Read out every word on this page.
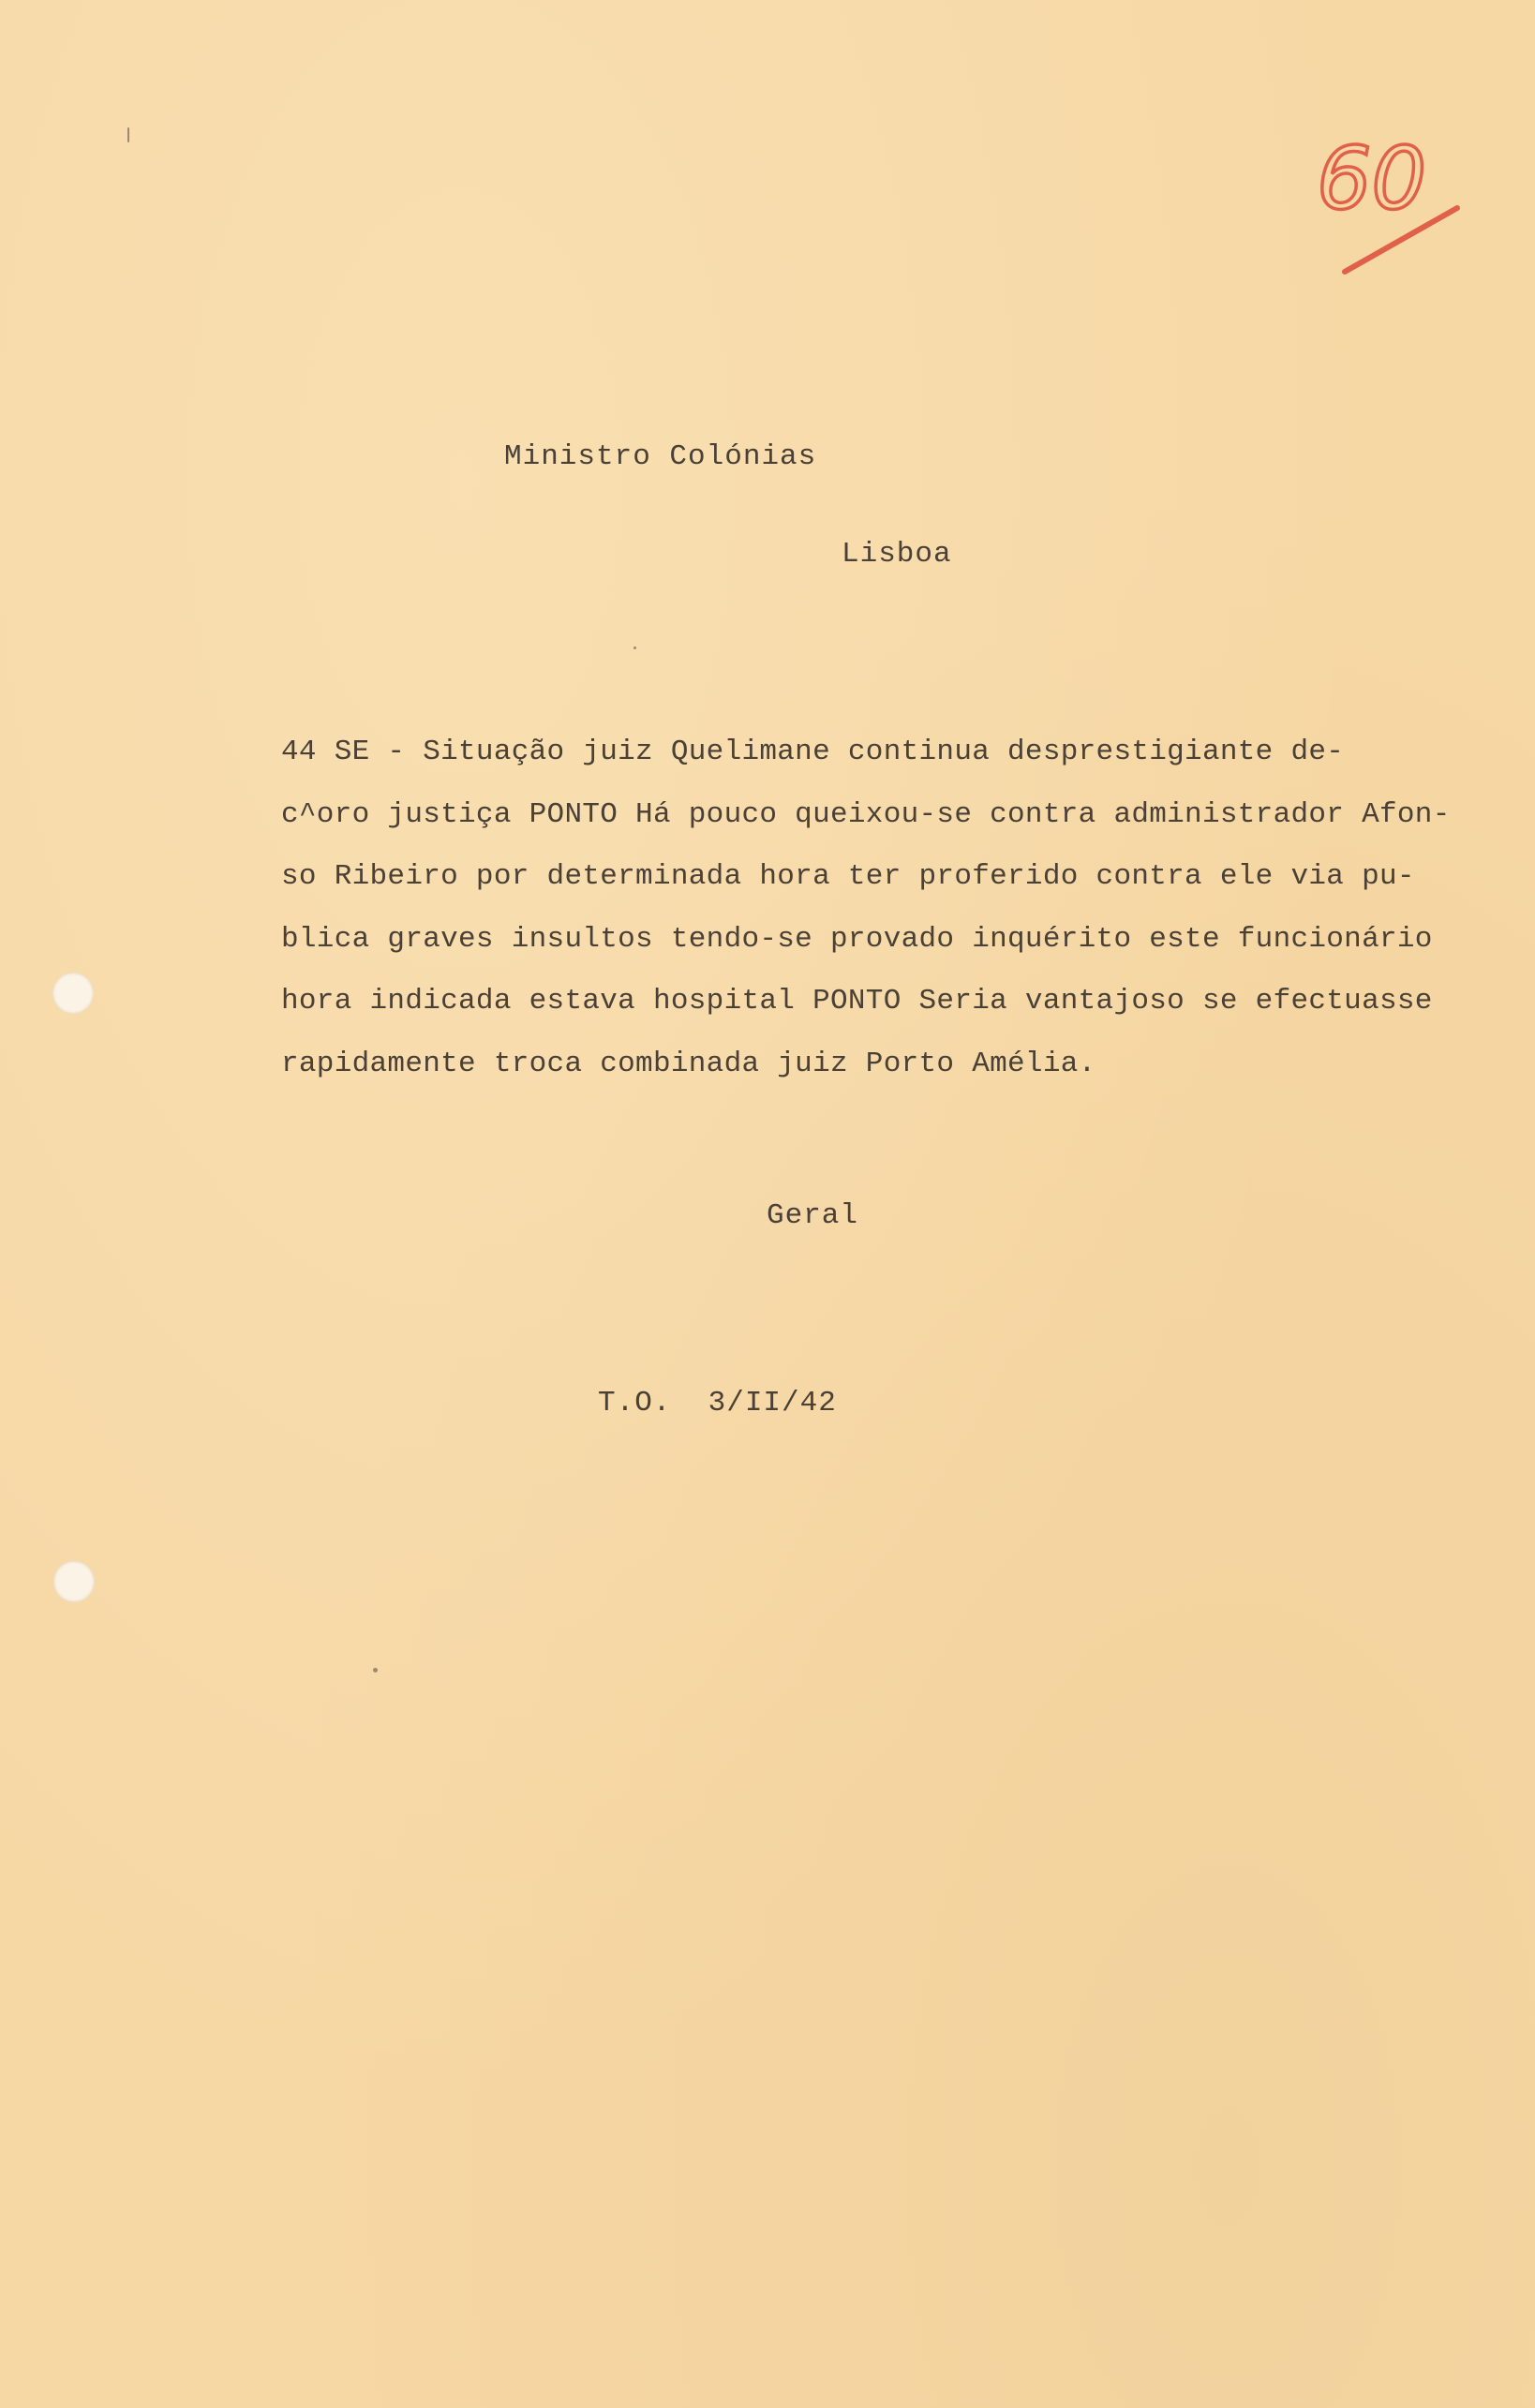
60
Ministro Colónias
Lisboa
44 SE - Situação juiz Quelimane continua desprestigiante de-
c^oro justiça PONTO Há pouco queixou-se contra administrador Afon-
so Ribeiro por determinada hora ter proferido contra ele via pu-
blica graves insultos tendo-se provado inquérito este funcionário
hora indicada estava hospital PONTO Seria vantajoso se efectuasse
rapidamente troca combinada juiz Porto Amélia.
Geral
T.O.  3/II/42
